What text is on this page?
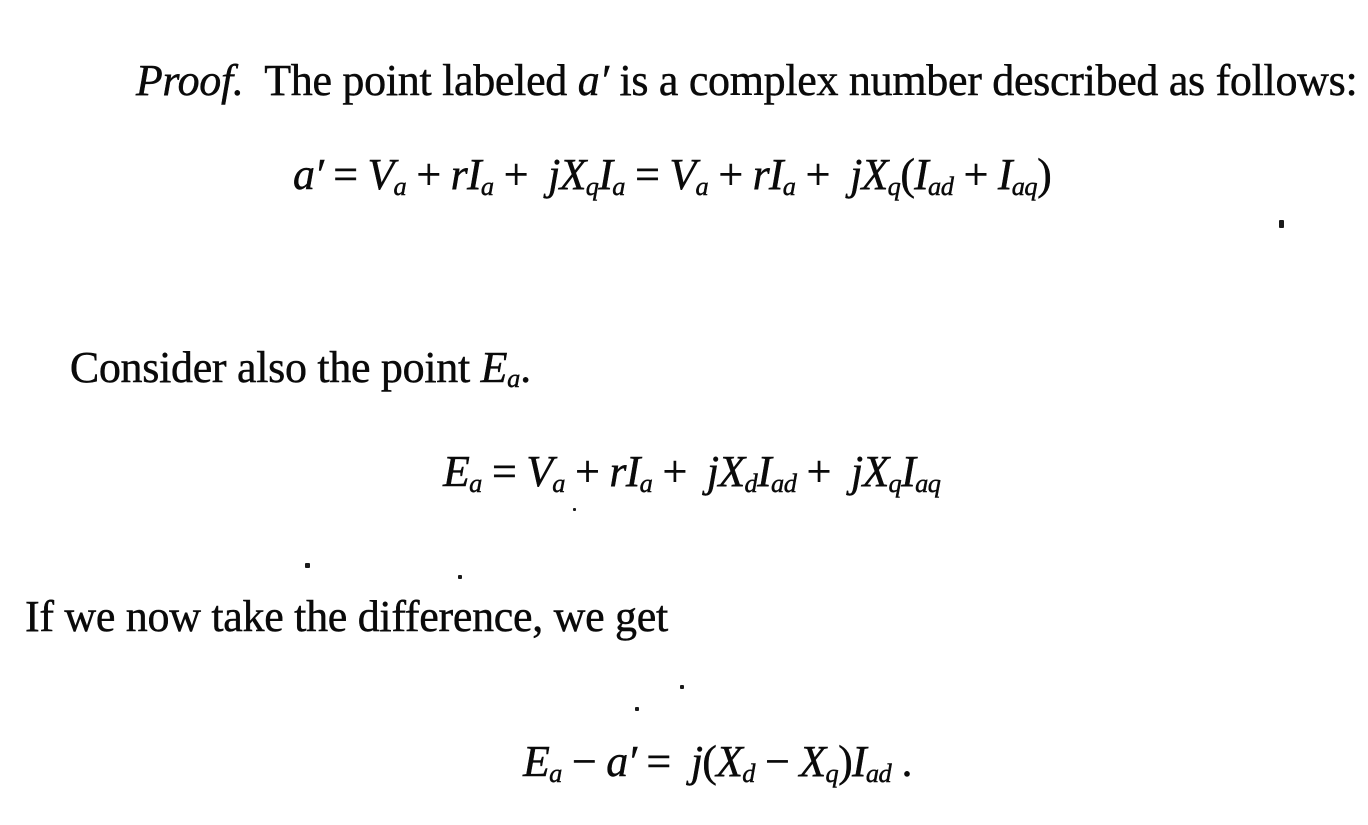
Proof.  The point labeled a′ is a complex number described as follows:

a′ = Va + rIa +  jXqIa = Va + rIa +  jXq(Iad + Iaq)

Consider also the point Ea.

Ea = Va + rIa +  jXdIad +  jXqIaq

If we now take the difference, we get

Ea − a′ =  j(Xd − Xq)Iad .
